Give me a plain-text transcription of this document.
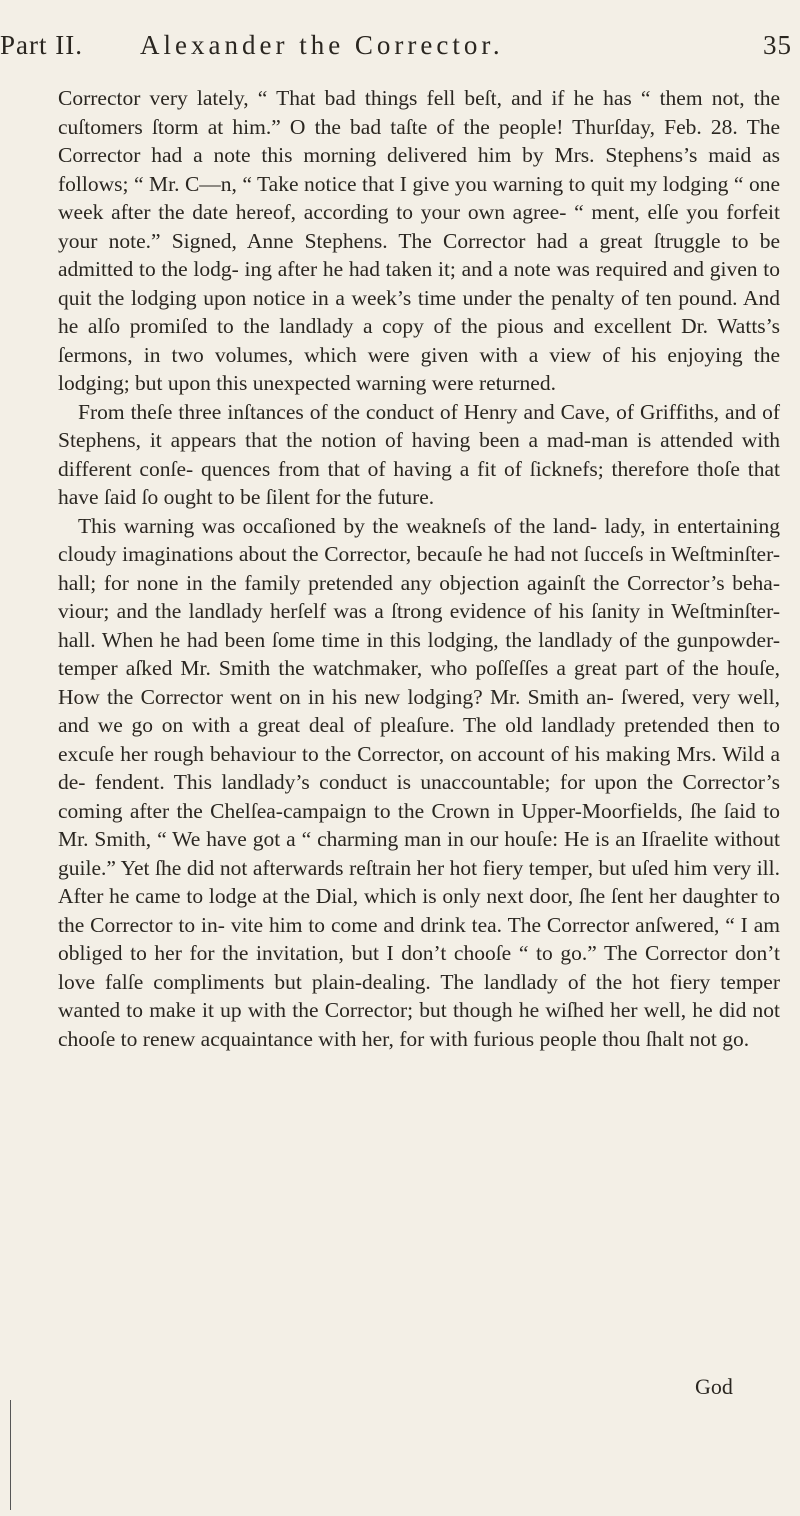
Part II. Alexander the Corrector.	35

Corrector very lately, “ That bad things fell beſt, and if he has “ them not, the cuſtomers ſtorm at him.” O the bad taſte of the people! Thurſday, Feb. 28. The Corrector had a note this morning delivered him by Mrs. Stephens’s maid as follows; “ Mr. C—n, “ Take notice that I give you warning to quit my lodging “ one week after the date hereof, according to your own agree- “ ment, elſe you forfeit your note.” Signed, Anne Stephens. The Corrector had a great ſtruggle to be admitted to the lodg- ing after he had taken it; and a note was required and given to quit the lodging upon notice in a week’s time under the penalty of ten pound. And he alſo promiſed to the landlady a copy of the pious and excellent Dr. Watts’s ſermons, in two volumes, which were given with a view of his enjoying the lodging; but upon this unexpected warning were returned.

From theſe three inſtances of the conduct of Henry and Cave, of Griffiths, and of Stephens, it appears that the notion of having been a mad-man is attended with different conſe- quences from that of having a fit of ſicknefs; therefore thoſe that have ſaid ſo ought to be ſilent for the future.

This warning was occaſioned by the weakneſs of the land- lady, in entertaining cloudy imaginations about the Corrector, becauſe he had not ſucceſs in Weſtminſter-hall; for none in the family pretended any objection againſt the Corrector’s beha- viour; and the landlady herſelf was a ſtrong evidence of his ſanity in Weſtminſter-hall. When he had been ſome time in this lodging, the landlady of the gunpowder-temper aſked Mr. Smith the watchmaker, who poſſeſſes a great part of the houſe, How the Corrector went on in his new lodging? Mr. Smith an- ſwered, very well, and we go on with a great deal of pleaſure. The old landlady pretended then to excuſe her rough behaviour to the Corrector, on account of his making Mrs. Wild a de- fendent. This landlady’s conduct is unaccountable; for upon the Corrector’s coming after the Chelſea-campaign to the Crown in Upper-Moorfields, ſhe ſaid to Mr. Smith, “ We have got a “ charming man in our houſe: He is an Iſraelite without guile.” Yet ſhe did not afterwards reſtrain her hot fiery temper, but uſed him very ill. After he came to lodge at the Dial, which is only next door, ſhe ſent her daughter to the Corrector to in- vite him to come and drink tea. The Corrector anſwered, “ I am obliged to her for the invitation, but I don’t chooſe “ to go.” The Corrector don’t love falſe compliments but plain-dealing. The landlady of the hot fiery temper wanted to make it up with the Corrector; but though he wiſhed her well, he did not chooſe to renew acquaintance with her, for with furious people thou ſhalt not go.

God
